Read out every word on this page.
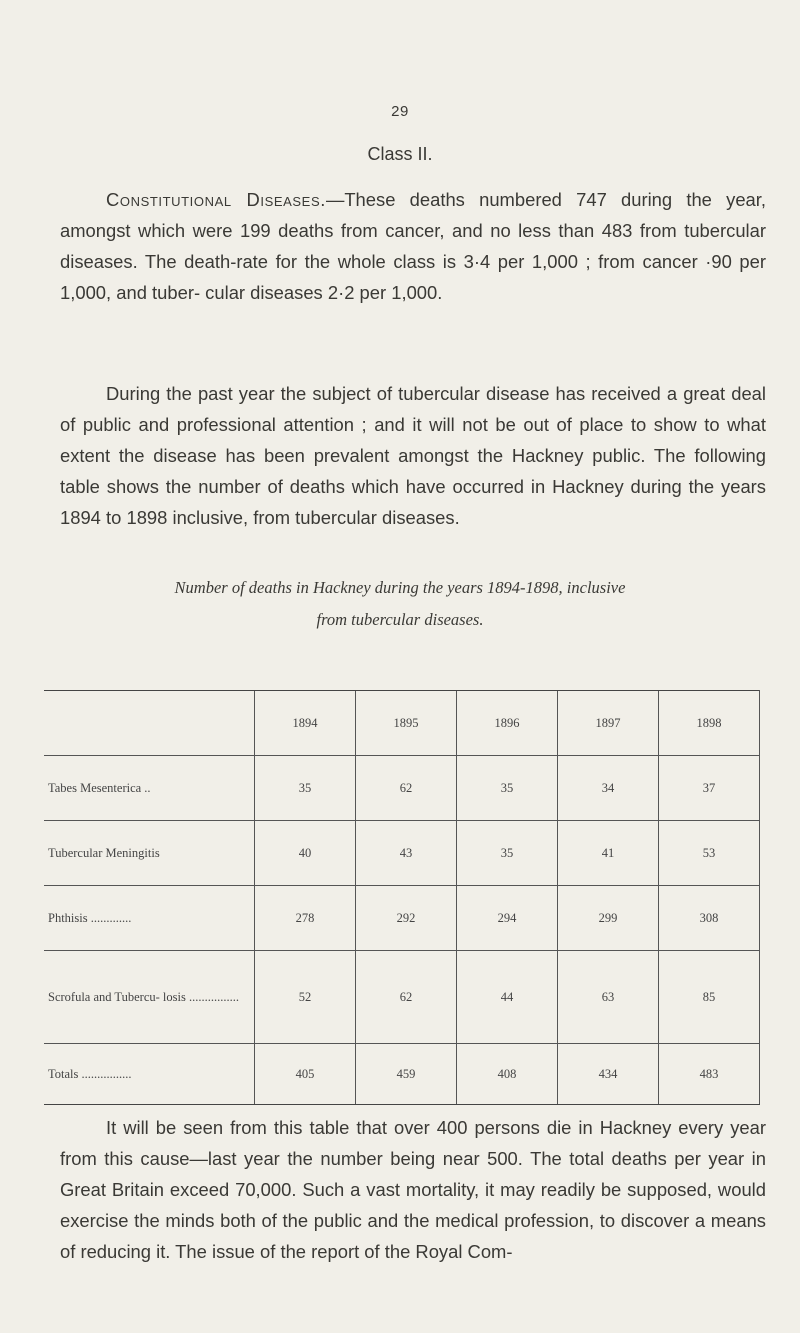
29
Class II.

Constitutional Diseases.—These deaths numbered 747 during the year, amongst which were 199 deaths from cancer, and no less than 483 from tubercular diseases. The death-rate for the whole class is 3·4 per 1,000 ; from cancer ·90 per 1,000, and tuber- cular diseases 2·2 per 1,000.

During the past year the subject of tubercular disease has received a great deal of public and professional attention ; and it will not be out of place to show to what extent the disease has been prevalent amongst the Hackney public. The following table shows the number of deaths which have occurred in Hackney during the years 1894 to 1898 inclusive, from tubercular diseases.

Number of deaths in Hackney during the years 1894-1898, inclusive
from tubercular diseases.
	1894	1895	1896	1897	1898
Tabes Mesenterica ..	35	62	35	34	37
Tubercular Meningitis	40	43	35	41	53
Phthisis .............	278	292	294	299	308
Scrofula and Tubercu- losis ................	52	62	44	63	85
Totals ................	405	459	408	434	483

It will be seen from this table that over 400 persons die in Hackney every year from this cause—last year the number being near 500. The total deaths per year in Great Britain exceed 70,000. Such a vast mortality, it may readily be supposed, would exercise the minds both of the public and the medical profession, to discover a means of reducing it. The issue of the report of the Royal Com-
